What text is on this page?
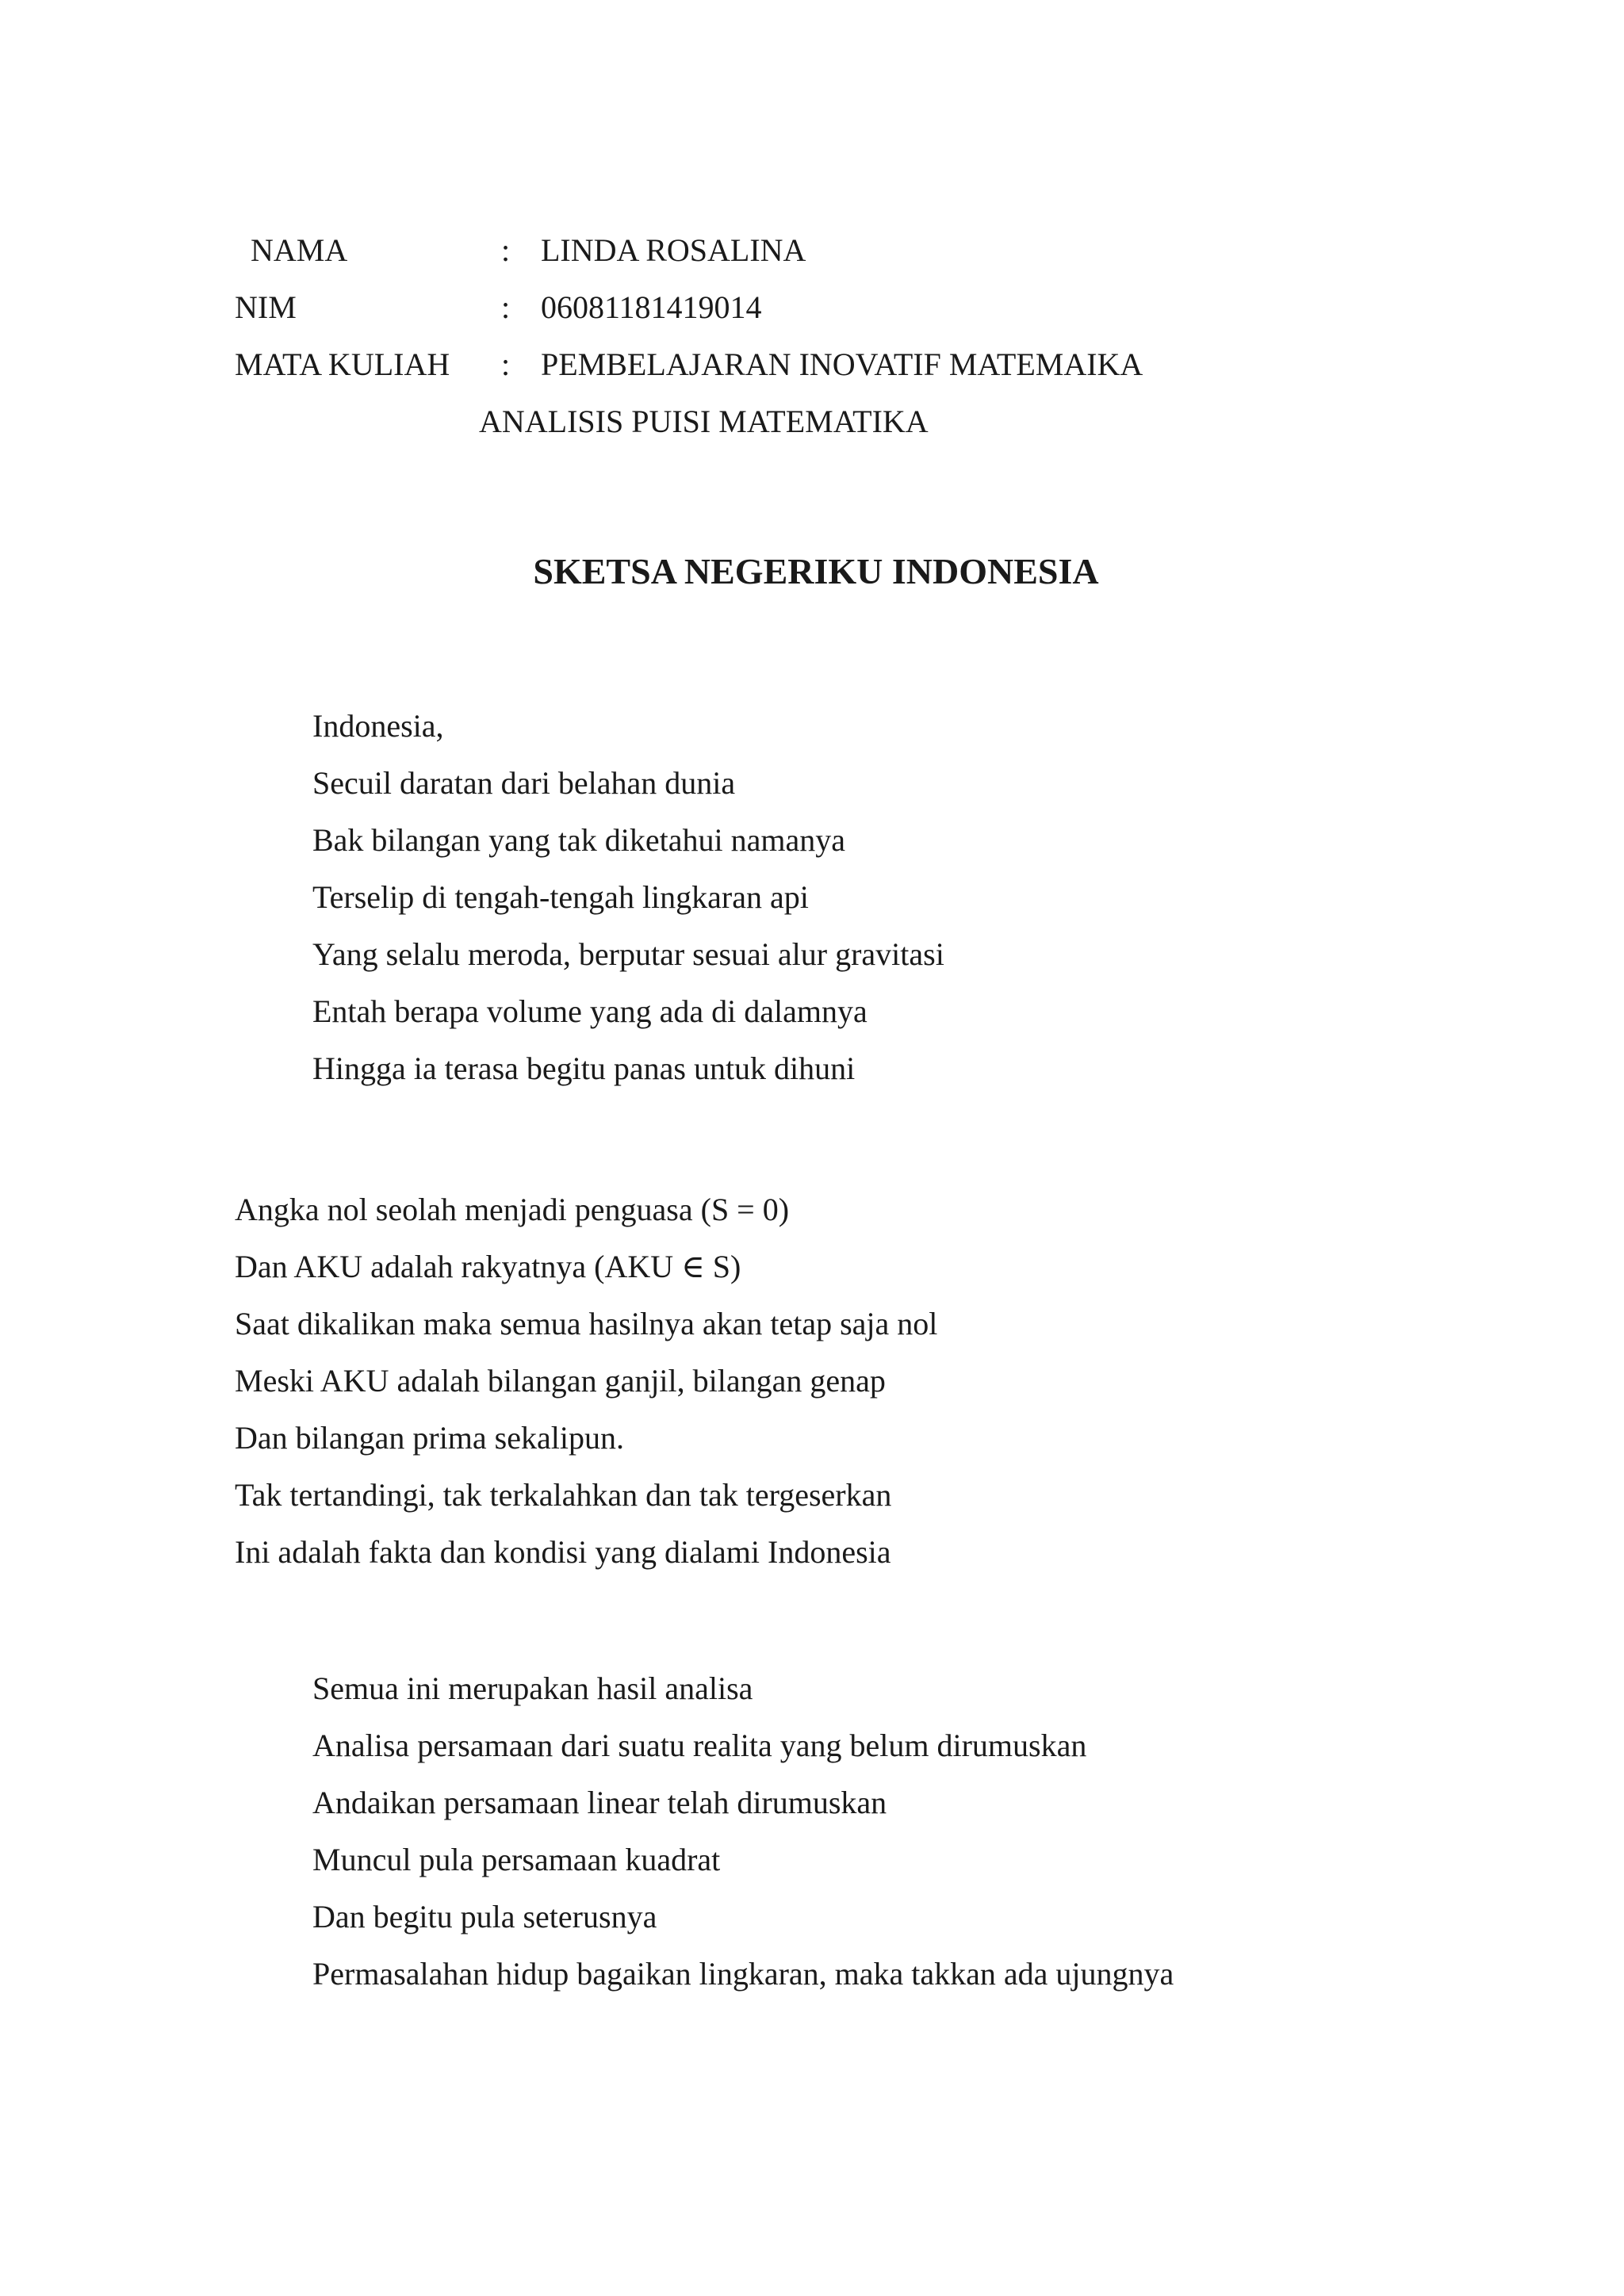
NAMA	: LINDA ROSALINA
NIM	: 06081181419014
MATA KULIAH : PEMBELAJARAN INOVATIF MATEMAIKA
ANALISIS PUISI MATEMATIKA
SKETSA NEGERIKU INDONESIA
Indonesia,
Secuil daratan dari belahan dunia
Bak bilangan yang tak diketahui namanya
Terselip di tengah-tengah lingkaran api
Yang selalu meroda, berputar sesuai alur gravitasi
Entah berapa volume yang ada di dalamnya
Hingga ia terasa begitu panas untuk dihuni
Angka nol seolah menjadi penguasa (S = 0)
Dan AKU adalah rakyatnya (AKU ∈ S)
Saat dikalikan maka semua hasilnya akan tetap saja nol
Meski AKU adalah bilangan ganjil, bilangan genap
Dan bilangan prima sekalipun.
Tak tertandingi, tak terkalahkan dan tak tergeserkan
Ini adalah fakta dan kondisi yang dialami Indonesia
Semua ini merupakan hasil analisa
Analisa persamaan dari suatu realita yang belum dirumuskan
Andaikan persamaan linear telah dirumuskan
Muncul pula persamaan kuadrat
Dan begitu pula seterusnya
Permasalahan hidup bagaikan lingkaran, maka takkan ada ujungnya
